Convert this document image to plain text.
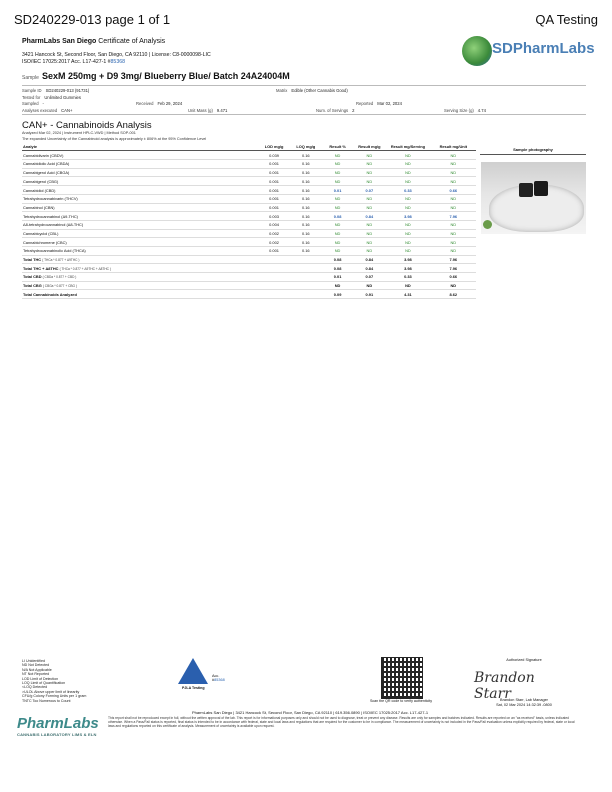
SD240229-013 page 1 of 1	QA Testing
PharmLabs San Diego Certificate of Analysis
3421 Hancock St, Second Floor, San Diego, CA 92110 | License: C8-0000098-LIC
ISO/IEC 17025:2017 Acc. L17-427-1 #85368
SDPharmLabs
Sample SexM 250mg + D9 3mg/ Blueberry Blue/ Batch 24A24004M
Sample ID SD240229-013 (91731)	Matrix Edible (Other Cannabis Good)
Tested for Unlimited Gummies
Sampled -	Received Feb 29, 2024	Reported Mar 02, 2024
Analyses executed CAN+	Unit Mass (g) 9.471	Num. of Servings 2	Serving Size (g) 4.74
CAN+ - Cannabinoids Analysis
Analyzed Mar 02, 2024 | Instrument HPLC-VWD | Method SOP-001
The expanded Uncertainty of the Cannabinoid analysis is approximately ± 806% at the 95% Confidence Level
Analyte	LOD mg/g	LOQ mg/g	Result %	Result mg/g	Result mg/Serving	Result mg/Unit
Cannabidivarin (CBDV)	0.039	0.16	ND	ND	ND	ND
Cannabidiolic Acid (CBDA)	0.001	0.16	ND	ND	ND	ND
Cannabigerol Acid (CBGA)	0.001	0.16	ND	ND	ND	ND
Cannabigerol (CBG)	0.001	0.16	ND	ND	ND	ND
Cannabidiol (CBD)	0.001	0.16	0.01	0.07	0.33	0.66
Tetrahydrocannabivarin (THCV)	0.001	0.16	ND	ND	ND	ND
Cannabinol (CBN)	0.001	0.16	ND	ND	ND	ND
Tetrahydrocannabinol (Δ9-THC)	0.003	0.16	0.08	0.84	3.98	7.96
Δ8-tetrahydrocannabinol (Δ8-THC)	0.004	0.16	ND	ND	ND	ND
Cannabicyclol (CBL)	0.002	0.16	ND	ND	ND	ND
Cannabichromene (CBC)	0.002	0.16	ND	ND	ND	ND
Tetrahydrocannabinolic Acid (THCA)	0.001	0.16	ND	ND	ND	ND
Total THC ( THCa * 0.877 + Δ9THC )			0.08	0.84	3.98	7.96
Total THC + Δ8THC ( THCa * 0.877 + Δ9THC + Δ8THC )			0.08	0.84	3.98	7.96
Total CBD ( CBDa * 0.877 + CBD )			0.01	0.07	0.33	0.66
Total CBG ( CBGa * 0.877 + CBG )			ND	ND	ND	ND
Total Cannabinoids Analyzed			0.09	0.91	4.31	8.62
Sample photography
LI Unidentified
ND Not Detected
N/A Not Applicable
NT Not Reported
LOD Limit of Detection
LOQ Limit of Quantification
<LOQ Detected
>ULOL Above upper limit of linearity
CFU/g Colony Forming Units per 1 gram
TNTC Too Numerous to Count
PharmLabs
CANNABIS LABORATORY LIMS & ELN
Acc. #85368
PJLA Testing
Scan the QR code to verify authenticity
Authorized Signature
Brandon Starr
Brandon Starr, Lab Manager
Sat, 02 Mar 2024 14:32:39 -0800
PharmLabs San Diego | 3421 Hancock St, Second Floor, San Diego, CA 92110 | 619.356.0890 | ISO/IEC 17025:2017 Acc. L17-427-1
This report shall not be reproduced except in full, without the written approval of the lab. This report is for informational purposes only and should not be used to diagnose, treat or prevent any disease. Results are only for samples and batches indicated. Results are reported on an "as received" basis, unless indicated otherwise. When a Pass/Fail status is reported, final status is intended to be in accordance with federal, state and local laws and regulations that are required for the customer to be in compliance. The measurement of uncertainty is not included in the Pass/Fail evaluation unless explicitly required by federal, state or local laws and regulations reported on this certificate of analysis. Measurement of uncertainty is available upon request.
